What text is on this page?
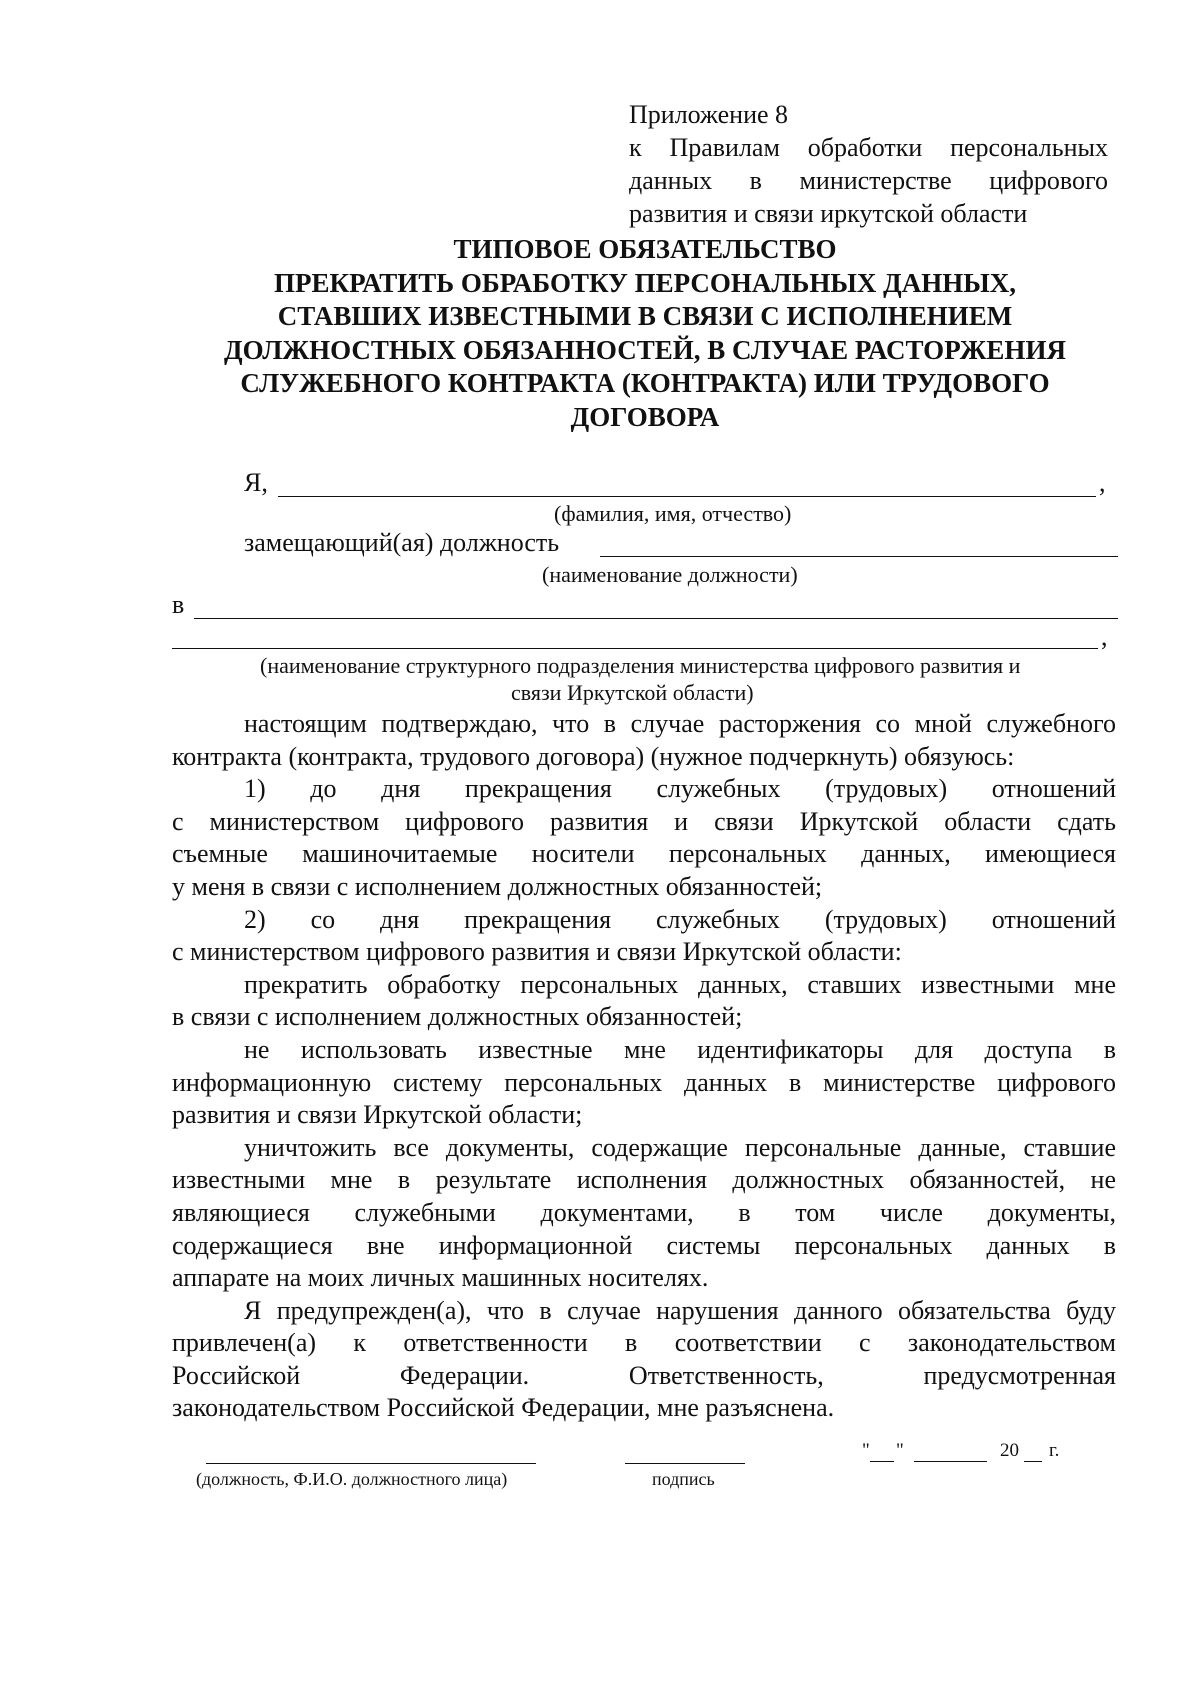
Приложение 8
к Правилам обработки персональных
данных в министерстве цифрового
развития и связи иркутской области
ТИПОВОЕ ОБЯЗАТЕЛЬСТВО
ПРЕКРАТИТЬ ОБРАБОТКУ ПЕРСОНАЛЬНЫХ ДАННЫХ,
СТАВШИХ ИЗВЕСТНЫМИ В СВЯЗИ С ИСПОЛНЕНИЕМ
ДОЛЖНОСТНЫХ ОБЯЗАННОСТЕЙ, В СЛУЧАЕ РАСТОРЖЕНИЯ
СЛУЖЕБНОГО КОНТРАКТА (КОНТРАКТА) ИЛИ ТРУДОВОГО
ДОГОВОРА
Я,	,
(фамилия, имя, отчество)
замещающий(ая) должность
(наименование должности)
в
,
(наименование структурного подразделения министерства цифрового развития и
связи Иркутской области)
настоящим подтверждаю, что в случае расторжения со мной служебного
контракта (контракта, трудового договора) (нужное подчеркнуть) обязуюсь:
1) до дня прекращения служебных (трудовых) отношений
с министерством цифрового развития и связи Иркутской области сдать
съемные машиночитаемые носители персональных данных, имеющиеся
у меня в связи с исполнением должностных обязанностей;
2) со дня прекращения служебных (трудовых) отношений
с министерством цифрового развития и связи Иркутской области:
прекратить обработку персональных данных, ставших известными мне
в связи с исполнением должностных обязанностей;
не использовать известные мне идентификаторы для доступа в
информационную систему персональных данных в министерстве цифрового
развития и связи Иркутской области;
уничтожить все документы, содержащие персональные данные, ставшие
известными мне в результате исполнения должностных обязанностей, не
являющиеся служебными документами, в том числе документы,
содержащиеся вне информационной системы персональных данных в
аппарате на моих личных машинных носителях.
Я предупрежден(а), что в случае нарушения данного обязательства буду
привлечен(а) к ответственности в соответствии с законодательством
Российской Федерации. Ответственность, предусмотренная
законодательством Российской Федерации, мне разъяснена.
(должность, Ф.И.О. должностного лица)	подпись
" "	20 г.
